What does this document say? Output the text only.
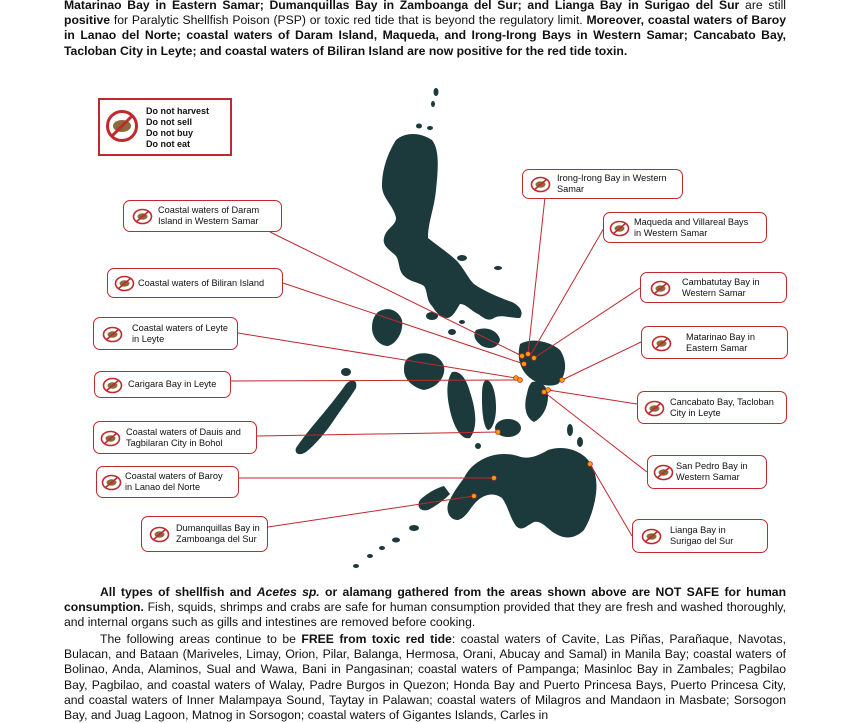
Matarinao Bay in Eastern Samar; Dumanquillas Bay in Zamboanga del Sur; and Lianga Bay in Surigao del Sur are still positive for Paralytic Shellfish Poison (PSP) or toxic red tide that is beyond the regulatory limit. Moreover, coastal waters of Baroy in Lanao del Norte; coastal waters of Daram Island, Maqueda, and Irong-Irong Bays in Western Samar; Cancabato Bay, Tacloban City in Leyte; and coastal waters of Biliran Island are now positive for the red tide toxin.

Do not harvest
Do not sell
Do not buy
Do not eat
Coastal waters of Daram
Island in Western Samar
Coastal waters of Biliran Island
Coastal waters of Leyte
in Leyte
Carigara Bay in Leyte
Coastal waters of Dauis and
Tagbilaran City in Bohol
Coastal waters of Baroy
in Lanao del Norte
Dumanquillas Bay in
Zamboanga del Sur
Irong-Irong Bay in Western
Samar
Maqueda and Villareal Bays
in Western Samar
Cambatutay Bay in
Western Samar
Matarinao Bay in
Eastern Samar
Cancabato Bay, Tacloban
City in Leyte
San Pedro Bay in
Western Samar
Lianga Bay in
Surigao del Sur

All types of shellfish and Acetes sp. or alamang gathered from the areas shown above are NOT SAFE for human consumption. Fish, squids, shrimps and crabs are safe for human consumption provided that they are fresh and washed thoroughly, and internal organs such as gills and intestines are removed before cooking.

The following areas continue to be FREE from toxic red tide: coastal waters of Cavite, Las Piñas, Parañaque, Navotas, Bulacan, and Bataan (Mariveles, Limay, Orion, Pilar, Balanga, Hermosa, Orani, Abucay and Samal) in Manila Bay; coastal waters of Bolinao, Anda, Alaminos, Sual and Wawa, Bani in Pangasinan; coastal waters of Pampanga; Masinloc Bay in Zambales; Pagbilao Bay, Pagbilao, and coastal waters of Walay, Padre Burgos in Quezon; Honda Bay and Puerto Princesa Bays, Puerto Princesa City, and coastal waters of Inner Malampaya Sound, Taytay in Palawan; coastal waters of Milagros and Mandaon in Masbate; Sorsogon Bay, and Juag Lagoon, Matnog in Sorsogon; coastal waters of Gigantes Islands, Carles in
